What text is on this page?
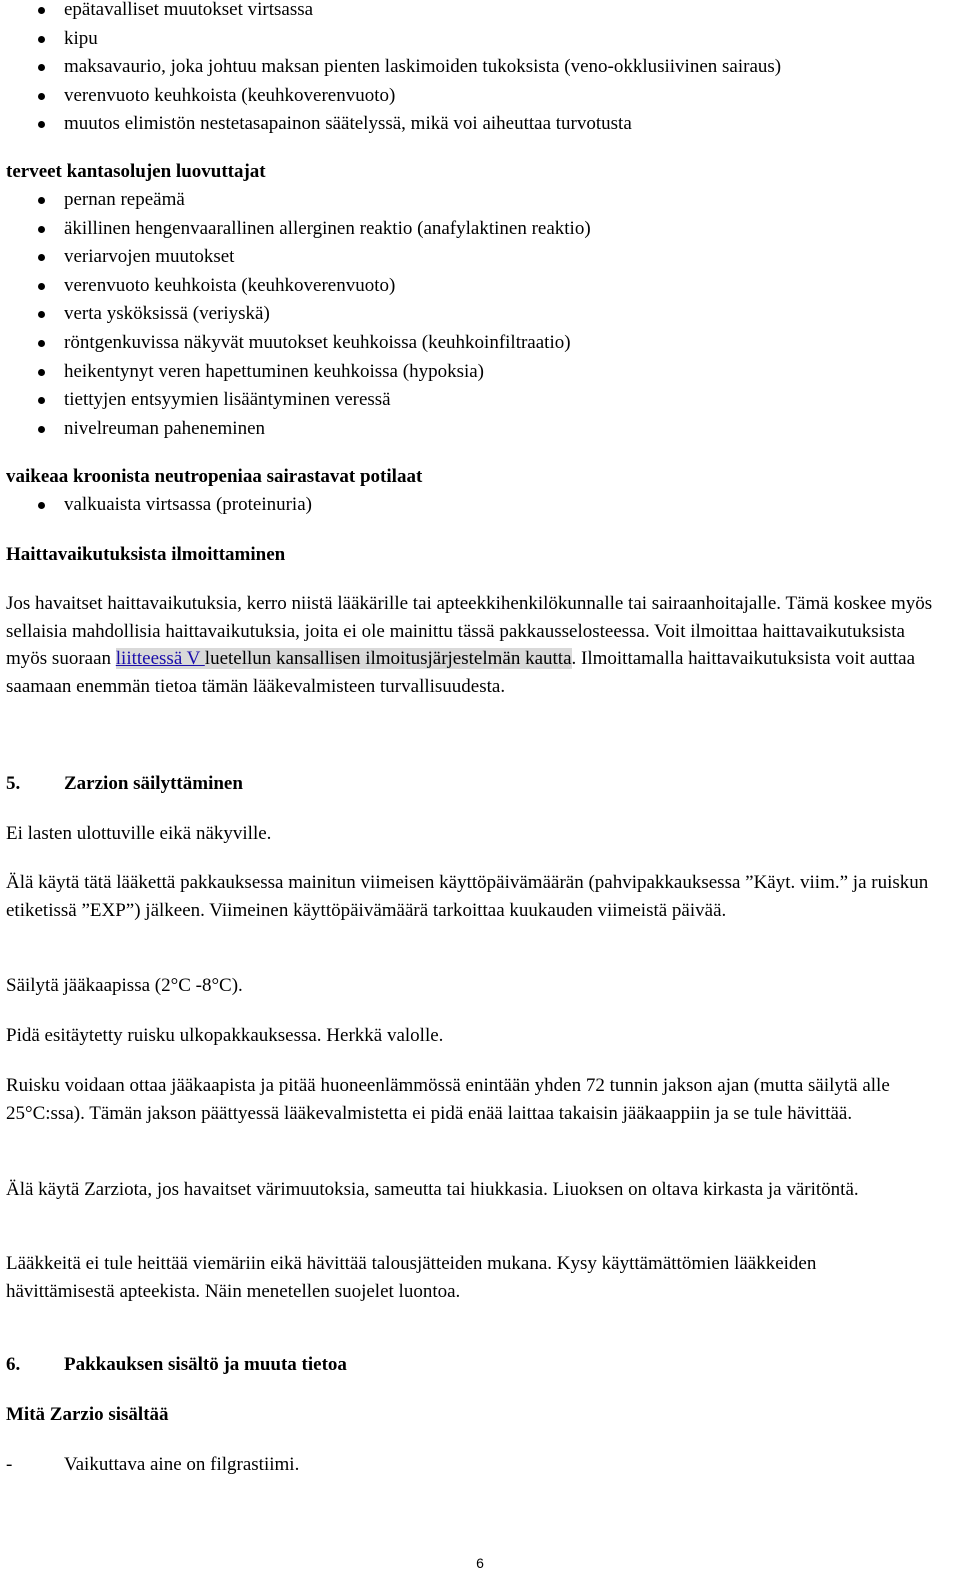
epätavalliset muutokset virtsassa
kipu
maksavaurio, joka johtuu maksan pienten laskimoiden tukoksista (veno-okklusiivinen sairaus)
verenvuoto keuhkoista (keuhkoverenvuoto)
muutos elimistön nestetasapainon säätelyssä, mikä voi aiheuttaa turvotusta
terveet kantasolujen luovuttajat
pernan repeämä
äkillinen hengenvaarallinen allerginen reaktio (anafylaktinen reaktio)
veriarvojen muutokset
verenvuoto keuhkoista (keuhkoverenvuoto)
verta ysköksissä (veriyskä)
röntgenkuvissa näkyvät muutokset keuhkoissa (keuhkoinfiltraatio)
heikentynyt veren hapettuminen keuhkoissa (hypoksia)
tiettyjen entsyymien lisääntyminen veressä
nivelreuman paheneminen
vaikeaa kroonista neutropeniaa sairastavat potilaat
valkuaista virtsassa (proteinuria)
Haittavaikutuksista ilmoittaminen

Jos havaitset haittavaikutuksia, kerro niistä lääkärille tai apteekkihenkilökunnalle tai sairaanhoitajalle. Tämä koskee myös sellaisia mahdollisia haittavaikutuksia, joita ei ole mainittu tässä pakkausselosteessa. Voit ilmoittaa haittavaikutuksista myös suoraan liitteessä V luetellun kansallisen ilmoitusjärjestelmän kautta. Ilmoittamalla haittavaikutuksista voit auttaa saamaan enemmän tietoa tämän lääkevalmisteen turvallisuudesta.

5. Zarzion säilyttäminen

Ei lasten ulottuville eikä näkyville.

Älä käytä tätä lääkettä pakkauksessa mainitun viimeisen käyttöpäivämäärän (pahvipakkauksessa ”Käyt. viim.” ja ruiskun etiketissä ”EXP”) jälkeen. Viimeinen käyttöpäivämäärä tarkoittaa kuukauden viimeistä päivää.

Säilytä jääkaapissa (2°C -8°C).

Pidä esitäytetty ruisku ulkopakkauksessa. Herkkä valolle.

Ruisku voidaan ottaa jääkaapista ja pitää huoneenlämmössä enintään yhden 72 tunnin jakson ajan (mutta säilytä alle 25°C:ssa). Tämän jakson päättyessä lääkevalmistetta ei pidä enää laittaa takaisin jääkaappiin ja se tule hävittää.

Älä käytä Zarziota, jos havaitset värimuutoksia, sameutta tai hiukkasia. Liuoksen on oltava kirkasta ja väritöntä.

Lääkkeitä ei tule heittää viemäriin eikä hävittää talousjätteiden mukana. Kysy käyttämättömien lääkkeiden hävittämisestä apteekista. Näin menetellen suojelet luontoa.

6. Pakkauksen sisältö ja muuta tietoa
Mitä Zarzio sisältää
-	Vaikuttava aine on filgrastiimi.
6
